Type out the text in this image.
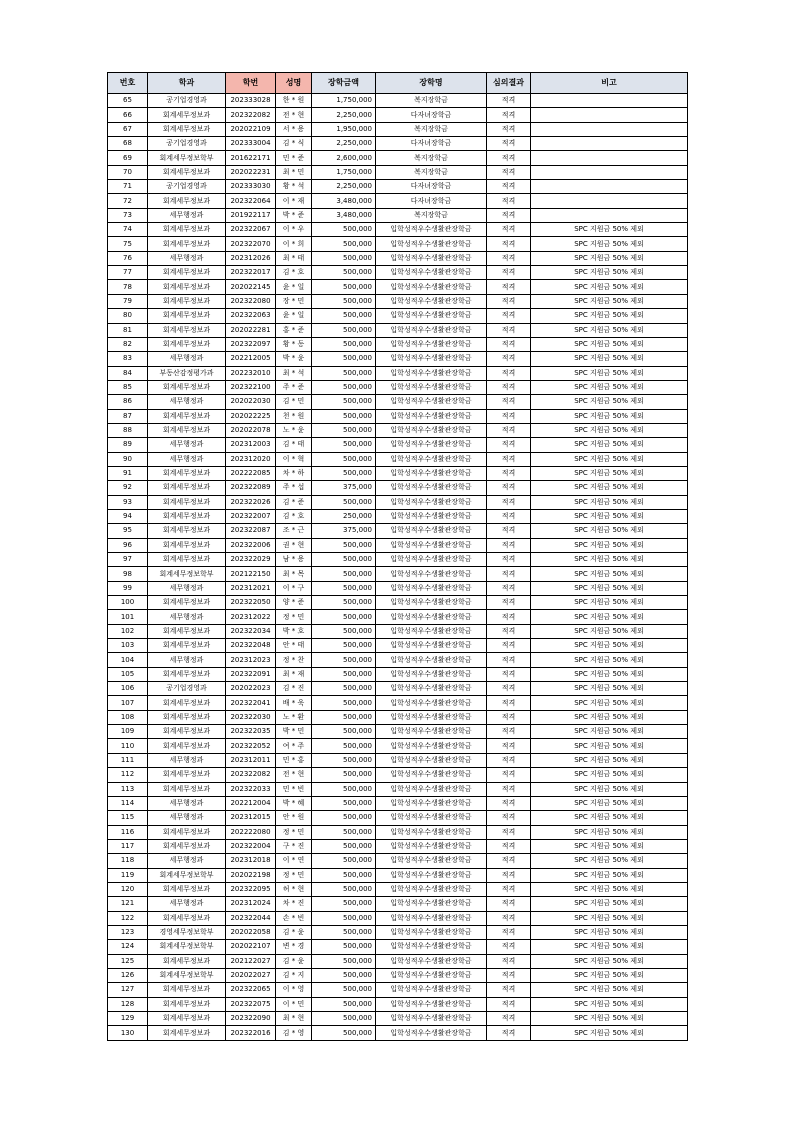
번호	학과	학번	성명	장학금액	장학명	심의결과	비고
65	공기업경영과	202333028	한 * 원	1,750,000	복지장학금	적격	
66	회계세무정보과	202322082	전 * 현	2,250,000	다자녀장학금	적격	
67	회계세무정보과	202022109	서 * 용	1,950,000	복지장학금	적격	
68	공기업경영과	202333004	김 * 식	2,250,000	다자녀장학금	적격	
69	회계세무정보학부	201622171	민 * 준	2,600,000	복지장학금	적격	
70	회계세무정보과	202022231	최 * 민	1,750,000	복지장학금	적격	
71	공기업경영과	202333030	황 * 석	2,250,000	다자녀장학금	적격	
72	회계세무정보과	202322064	이 * 재	3,480,000	다자녀장학금	적격	
73	세무행정과	201922117	박 * 준	3,480,000	복지장학금	적격	
74	회계세무정보과	202322067	이 * 우	500,000	입학성적우수생활관장학금	적격	SPC 지원금 50% 제외
75	회계세무정보과	202322070	이 * 희	500,000	입학성적우수생활관장학금	적격	SPC 지원금 50% 제외
76	세무행정과	202312026	최 * 태	500,000	입학성적우수생활관장학금	적격	SPC 지원금 50% 제외
77	회계세무정보과	202322017	김 * 호	500,000	입학성적우수생활관장학금	적격	SPC 지원금 50% 제외
78	회계세무정보과	202022145	윤 * 일	500,000	입학성적우수생활관장학금	적격	SPC 지원금 50% 제외
79	회계세무정보과	202322080	장 * 민	500,000	입학성적우수생활관장학금	적격	SPC 지원금 50% 제외
80	회계세무정보과	202322063	윤 * 일	500,000	입학성적우수생활관장학금	적격	SPC 지원금 50% 제외
81	회계세무정보과	202022281	홍 * 준	500,000	입학성적우수생활관장학금	적격	SPC 지원금 50% 제외
82	회계세무정보과	202322097	황 * 동	500,000	입학성적우수생활관장학금	적격	SPC 지원금 50% 제외
83	세무행정과	202212005	박 * 윤	500,000	입학성적우수생활관장학금	적격	SPC 지원금 50% 제외
84	부동산감정평가과	202232010	최 * 석	500,000	입학성적우수생활관장학금	적격	SPC 지원금 50% 제외
85	회계세무정보과	202322100	주 * 준	500,000	입학성적우수생활관장학금	적격	SPC 지원금 50% 제외
86	세무행정과	202022030	김 * 민	500,000	입학성적우수생활관장학금	적격	SPC 지원금 50% 제외
87	회계세무정보과	202022225	천 * 원	500,000	입학성적우수생활관장학금	적격	SPC 지원금 50% 제외
88	회계세무정보과	202022078	노 * 윤	500,000	입학성적우수생활관장학금	적격	SPC 지원금 50% 제외
89	세무행정과	202312003	김 * 태	500,000	입학성적우수생활관장학금	적격	SPC 지원금 50% 제외
90	세무행정과	202312020	이 * 혁	500,000	입학성적우수생활관장학금	적격	SPC 지원금 50% 제외
91	회계세무정보과	202222085	차 * 하	500,000	입학성적우수생활관장학금	적격	SPC 지원금 50% 제외
92	회계세무정보과	202322089	주 * 섭	375,000	입학성적우수생활관장학금	적격	SPC 지원금 50% 제외
93	회계세무정보과	202322026	김 * 준	500,000	입학성적우수생활관장학금	적격	SPC 지원금 50% 제외
94	회계세무정보과	202322007	김 * 호	250,000	입학성적우수생활관장학금	적격	SPC 지원금 50% 제외
95	회계세무정보과	202322087	조 * 근	375,000	입학성적우수생활관장학금	적격	SPC 지원금 50% 제외
96	회계세무정보과	202322006	권 * 현	500,000	입학성적우수생활관장학금	적격	SPC 지원금 50% 제외
97	회계세무정보과	202322029	남 * 용	500,000	입학성적우수생활관장학금	적격	SPC 지원금 50% 제외
98	회계세무정보학부	202122150	최 * 목	500,000	입학성적우수생활관장학금	적격	SPC 지원금 50% 제외
99	세무행정과	202312021	이 * 구	500,000	입학성적우수생활관장학금	적격	SPC 지원금 50% 제외
100	회계세무정보과	202322050	양 * 준	500,000	입학성적우수생활관장학금	적격	SPC 지원금 50% 제외
101	세무행정과	202312022	정 * 민	500,000	입학성적우수생활관장학금	적격	SPC 지원금 50% 제외
102	회계세무정보과	202322034	박 * 호	500,000	입학성적우수생활관장학금	적격	SPC 지원금 50% 제외
103	회계세무정보과	202322048	안 * 태	500,000	입학성적우수생활관장학금	적격	SPC 지원금 50% 제외
104	세무행정과	202312023	정 * 찬	500,000	입학성적우수생활관장학금	적격	SPC 지원금 50% 제외
105	회계세무정보과	202322091	최 * 재	500,000	입학성적우수생활관장학금	적격	SPC 지원금 50% 제외
106	공기업경영과	202022023	김 * 진	500,000	입학성적우수생활관장학금	적격	SPC 지원금 50% 제외
107	회계세무정보과	202322041	배 * 욱	500,000	입학성적우수생활관장학금	적격	SPC 지원금 50% 제외
108	회계세무정보과	202322030	노 * 환	500,000	입학성적우수생활관장학금	적격	SPC 지원금 50% 제외
109	회계세무정보과	202322035	박 * 민	500,000	입학성적우수생활관장학금	적격	SPC 지원금 50% 제외
110	회계세무정보과	202322052	여 * 주	500,000	입학성적우수생활관장학금	적격	SPC 지원금 50% 제외
111	세무행정과	202312011	민 * 홍	500,000	입학성적우수생활관장학금	적격	SPC 지원금 50% 제외
112	회계세무정보과	202322082	전 * 현	500,000	입학성적우수생활관장학금	적격	SPC 지원금 50% 제외
113	회계세무정보과	202322033	민 * 빈	500,000	입학성적우수생활관장학금	적격	SPC 지원금 50% 제외
114	세무행정과	202212004	박 * 혜	500,000	입학성적우수생활관장학금	적격	SPC 지원금 50% 제외
115	세무행정과	202312015	안 * 원	500,000	입학성적우수생활관장학금	적격	SPC 지원금 50% 제외
116	회계세무정보과	202222080	정 * 민	500,000	입학성적우수생활관장학금	적격	SPC 지원금 50% 제외
117	회계세무정보과	202322004	구 * 진	500,000	입학성적우수생활관장학금	적격	SPC 지원금 50% 제외
118	세무행정과	202312018	이 * 연	500,000	입학성적우수생활관장학금	적격	SPC 지원금 50% 제외
119	회계세무정보학부	202022198	정 * 민	500,000	입학성적우수생활관장학금	적격	SPC 지원금 50% 제외
120	회계세무정보과	202322095	허 * 현	500,000	입학성적우수생활관장학금	적격	SPC 지원금 50% 제외
121	세무행정과	202312024	차 * 진	500,000	입학성적우수생활관장학금	적격	SPC 지원금 50% 제외
122	회계세무정보과	202322044	손 * 빈	500,000	입학성적우수생활관장학금	적격	SPC 지원금 50% 제외
123	경영세무정보학부	202022058	김 * 윤	500,000	입학성적우수생활관장학금	적격	SPC 지원금 50% 제외
124	회계세무정보학부	202022107	변 * 경	500,000	입학성적우수생활관장학금	적격	SPC 지원금 50% 제외
125	회계세무정보과	202122027	김 * 윤	500,000	입학성적우수생활관장학금	적격	SPC 지원금 50% 제외
126	회계세무정보학부	202022027	김 * 지	500,000	입학성적우수생활관장학금	적격	SPC 지원금 50% 제외
127	회계세무정보과	202322065	이 * 영	500,000	입학성적우수생활관장학금	적격	SPC 지원금 50% 제외
128	회계세무정보과	202322075	이 * 민	500,000	입학성적우수생활관장학금	적격	SPC 지원금 50% 제외
129	회계세무정보과	202322090	최 * 현	500,000	입학성적우수생활관장학금	적격	SPC 지원금 50% 제외
130	회계세무정보과	202322016	김 * 영	500,000	입학성적우수생활관장학금	적격	SPC 지원금 50% 제외
